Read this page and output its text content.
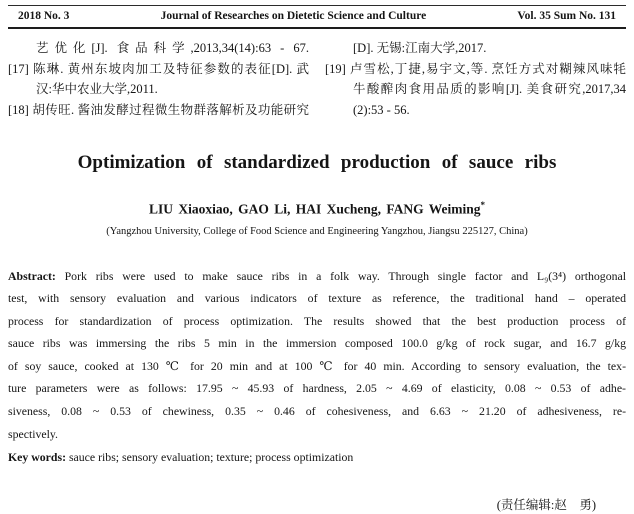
2018 No. 3	Journal of Researches on Dietetic Science and Culture	Vol. 35 Sum No. 131
艺优化[J]. 食品科学,2013,34(14):63 - 67.
[17] 陈琳. 黄州东坡肉加工及特征参数的表征[D]. 武
汉:华中农业大学,2011.
[18] 胡传旺. 酱油发酵过程微生物群落解析及功能研究
[D]. 无锡:江南大学,2017.
[19] 卢雪松,丁捷,易宇文,等. 烹饪方式对糊辣风味牦
牛酸醡肉食用品质的影响[J]. 美食研究,2017,34
(2):53 - 56.
Optimization of standardized production of sauce ribs
LIU Xiaoxiao, GAO Li, HAI Xucheng, FANG Weiming*
(Yangzhou University, College of Food Science and Engineering Yangzhou, Jiangsu 225127, China)
Abstract: Pork ribs were used to make sauce ribs in a folk way. Through single factor and L₉(3⁴) orthogonal
test, with sensory evaluation and various indicators of texture as reference, the traditional hand – operated
process for standardization of process optimization. The results showed that the best production process of
sauce ribs was immersing the ribs 5 min in the immersion composed 100.0 g/kg of rock sugar, and 16.7 g/kg
of soy sauce, cooked at 130 ℃ for 20 min and at 100 ℃ for 40 min. According to sensory evaluation, the tex-
ture parameters were as follows: 17.95 ~ 45.93 of hardness, 2.05 ~ 4.69 of elasticity, 0.08 ~ 0.53 of adhe-
siveness, 0.08 ~ 0.53 of chewiness, 0.35 ~ 0.46 of cohesiveness, and 6.63 ~ 21.20 of adhesiveness, re-
spectively.
Key words: sauce ribs; sensory evaluation; texture; process optimization
(责任编辑:赵　勇)
